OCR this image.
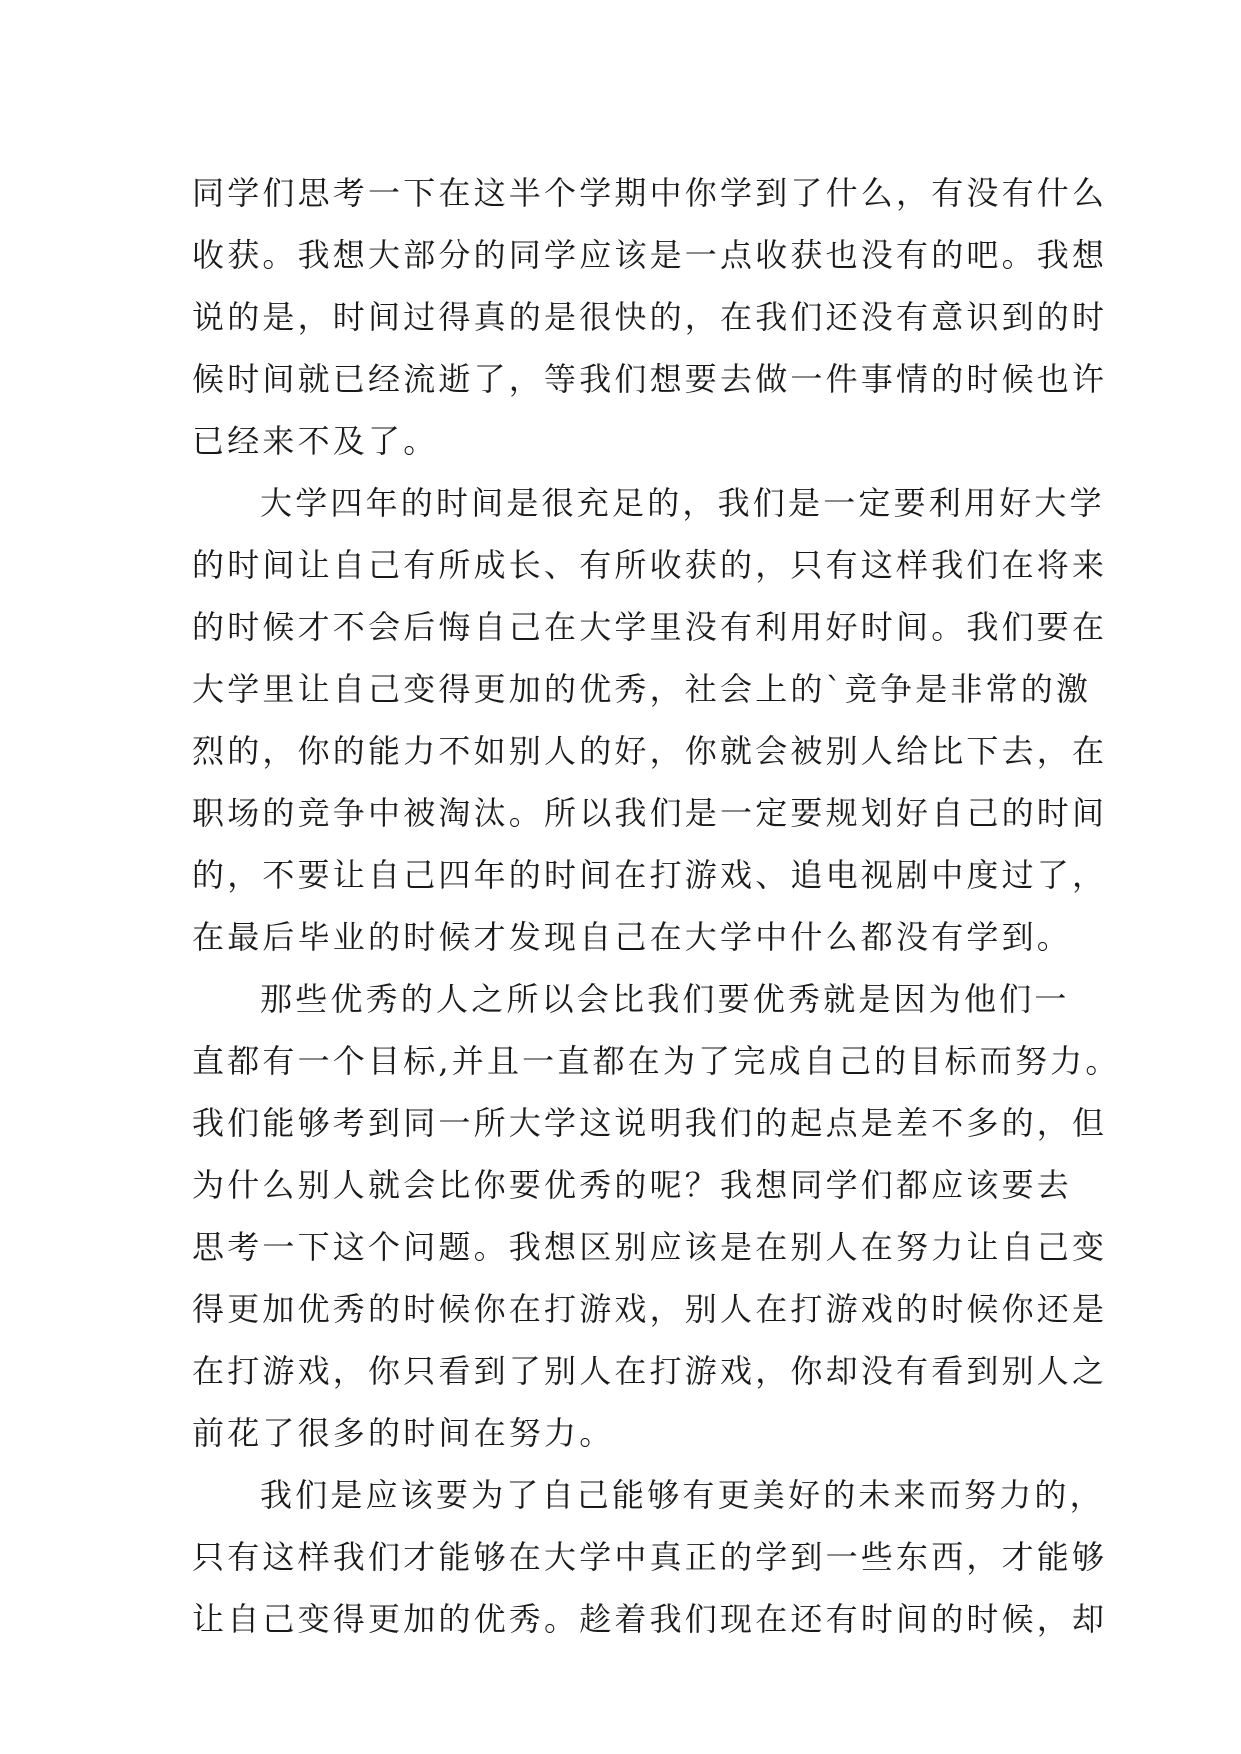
同学们思考一下在这半个学期中你学到了什么，有没有什么
收获。我想大部分的同学应该是一点收获也没有的吧。我想
说的是，时间过得真的是很快的，在我们还没有意识到的时
候时间就已经流逝了，等我们想要去做一件事情的时候也许
已经来不及了。
大学四年的时间是很充足的，我们是一定要利用好大学
的时间让自己有所成长、有所收获的，只有这样我们在将来
的时候才不会后悔自己在大学里没有利用好时间。我们要在
大学里让自己变得更加的优秀，社会上的`竞争是非常的激
烈的，你的能力不如别人的好，你就会被别人给比下去，在
职场的竞争中被淘汰。所以我们是一定要规划好自己的时间
的，不要让自己四年的时间在打游戏、追电视剧中度过了，
在最后毕业的时候才发现自己在大学中什么都没有学到。
那些优秀的人之所以会比我们要优秀就是因为他们一
直都有一个目标,并且一直都在为了完成自己的目标而努力。
我们能够考到同一所大学这说明我们的起点是差不多的，但
为什么别人就会比你要优秀的呢？我想同学们都应该要去
思考一下这个问题。我想区别应该是在别人在努力让自己变
得更加优秀的时候你在打游戏，别人在打游戏的时候你还是
在打游戏，你只看到了别人在打游戏，你却没有看到别人之
前花了很多的时间在努力。
我们是应该要为了自己能够有更美好的未来而努力的，
只有这样我们才能够在大学中真正的学到一些东西，才能够
让自己变得更加的优秀。趁着我们现在还有时间的时候，却
